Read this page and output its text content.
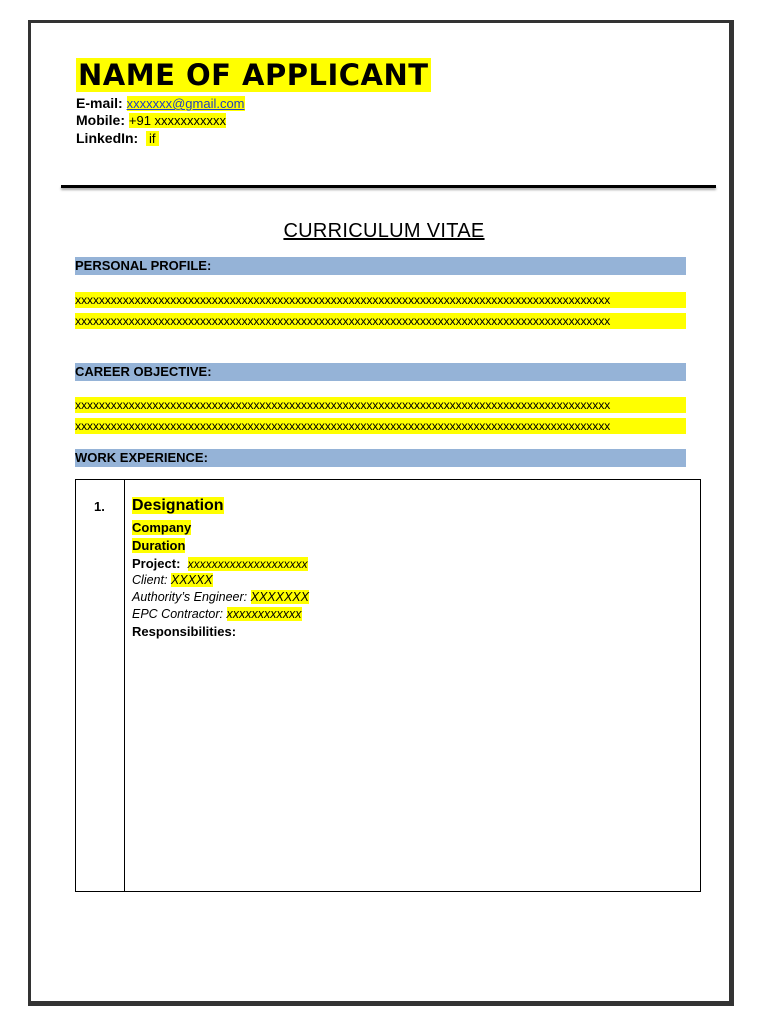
NAME OF APPLICANT
E-mail: xxxxxxx@gmail.com
Mobile: +91 xxxxxxxxxxx
LinkedIn: if
CURRICULUM VITAE
PERSONAL PROFILE:
xxxxxxxxxxxxxxxxxxxxxxxxxxxxxxxxxxxxxxxxxxxxxxxxxxxxxxxxxxxxxxxxxxxxxxxxxxxxxxxxxxxxxxxxxx
xxxxxxxxxxxxxxxxxxxxxxxxxxxxxxxxxxxxxxxxxxxxxxxxxxxxxxxxxxxxxxxxxxxxxxxxxxxxxxxxxxxxxxxxxx
CAREER OBJECTIVE:
xxxxxxxxxxxxxxxxxxxxxxxxxxxxxxxxxxxxxxxxxxxxxxxxxxxxxxxxxxxxxxxxxxxxxxxxxxxxxxxxxxxxxxxxxx
xxxxxxxxxxxxxxxxxxxxxxxxxxxxxxxxxxxxxxxxxxxxxxxxxxxxxxxxxxxxxxxxxxxxxxxxxxxxxxxxxxxxxxxxxx
WORK EXPERIENCE:
1. Designation
Company
Duration
Project: xxxxxxxxxxxxxxxxxxxx
Client: XXXXX
Authority’s Engineer: XXXXXXX
EPC Contractor: xxxxxxxxxxxx
Responsibilities:
